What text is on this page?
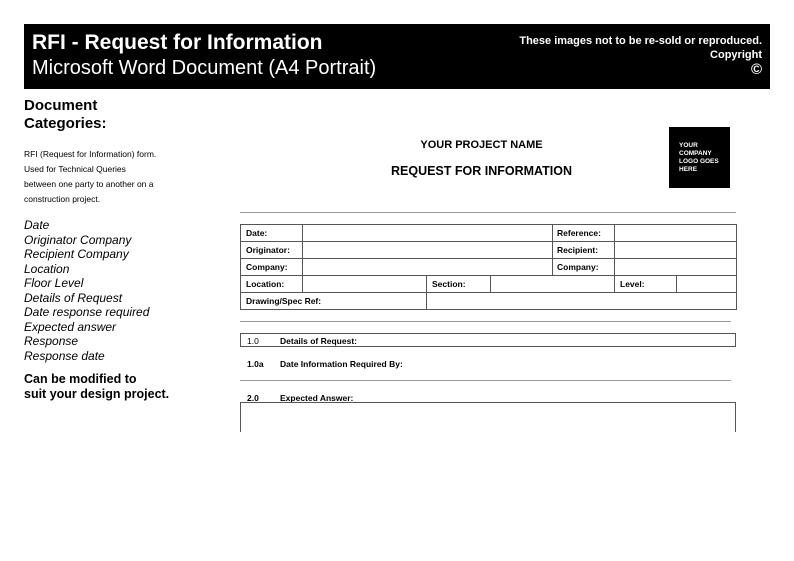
RFI - Request for Information
Microsoft Word Document (A4 Portrait)
These images not to be re-sold or reproduced.
Copyright
©
Document
Categories:
RFI (Request for Information) form.
Used for Technical Queries
between one party to another on a
construction project.
Date
Originator Company
Recipient Company
Location
Floor Level
Details of Request
Date response required
Expected answer
Response
Response date
Can be modified to
suit your design project.
YOUR PROJECT NAME
REQUEST FOR INFORMATION
YOUR
COMPANY
LOGO GOES
HERE
Date:				Reference:		
Originator:				Recipient:		
Company:				Company:		
Location:		Section:			Level:	
Drawing/Spec Ref:						
1.0 Details of Request:
1.0a Date Information Required By:
2.0 Expected Answer:
